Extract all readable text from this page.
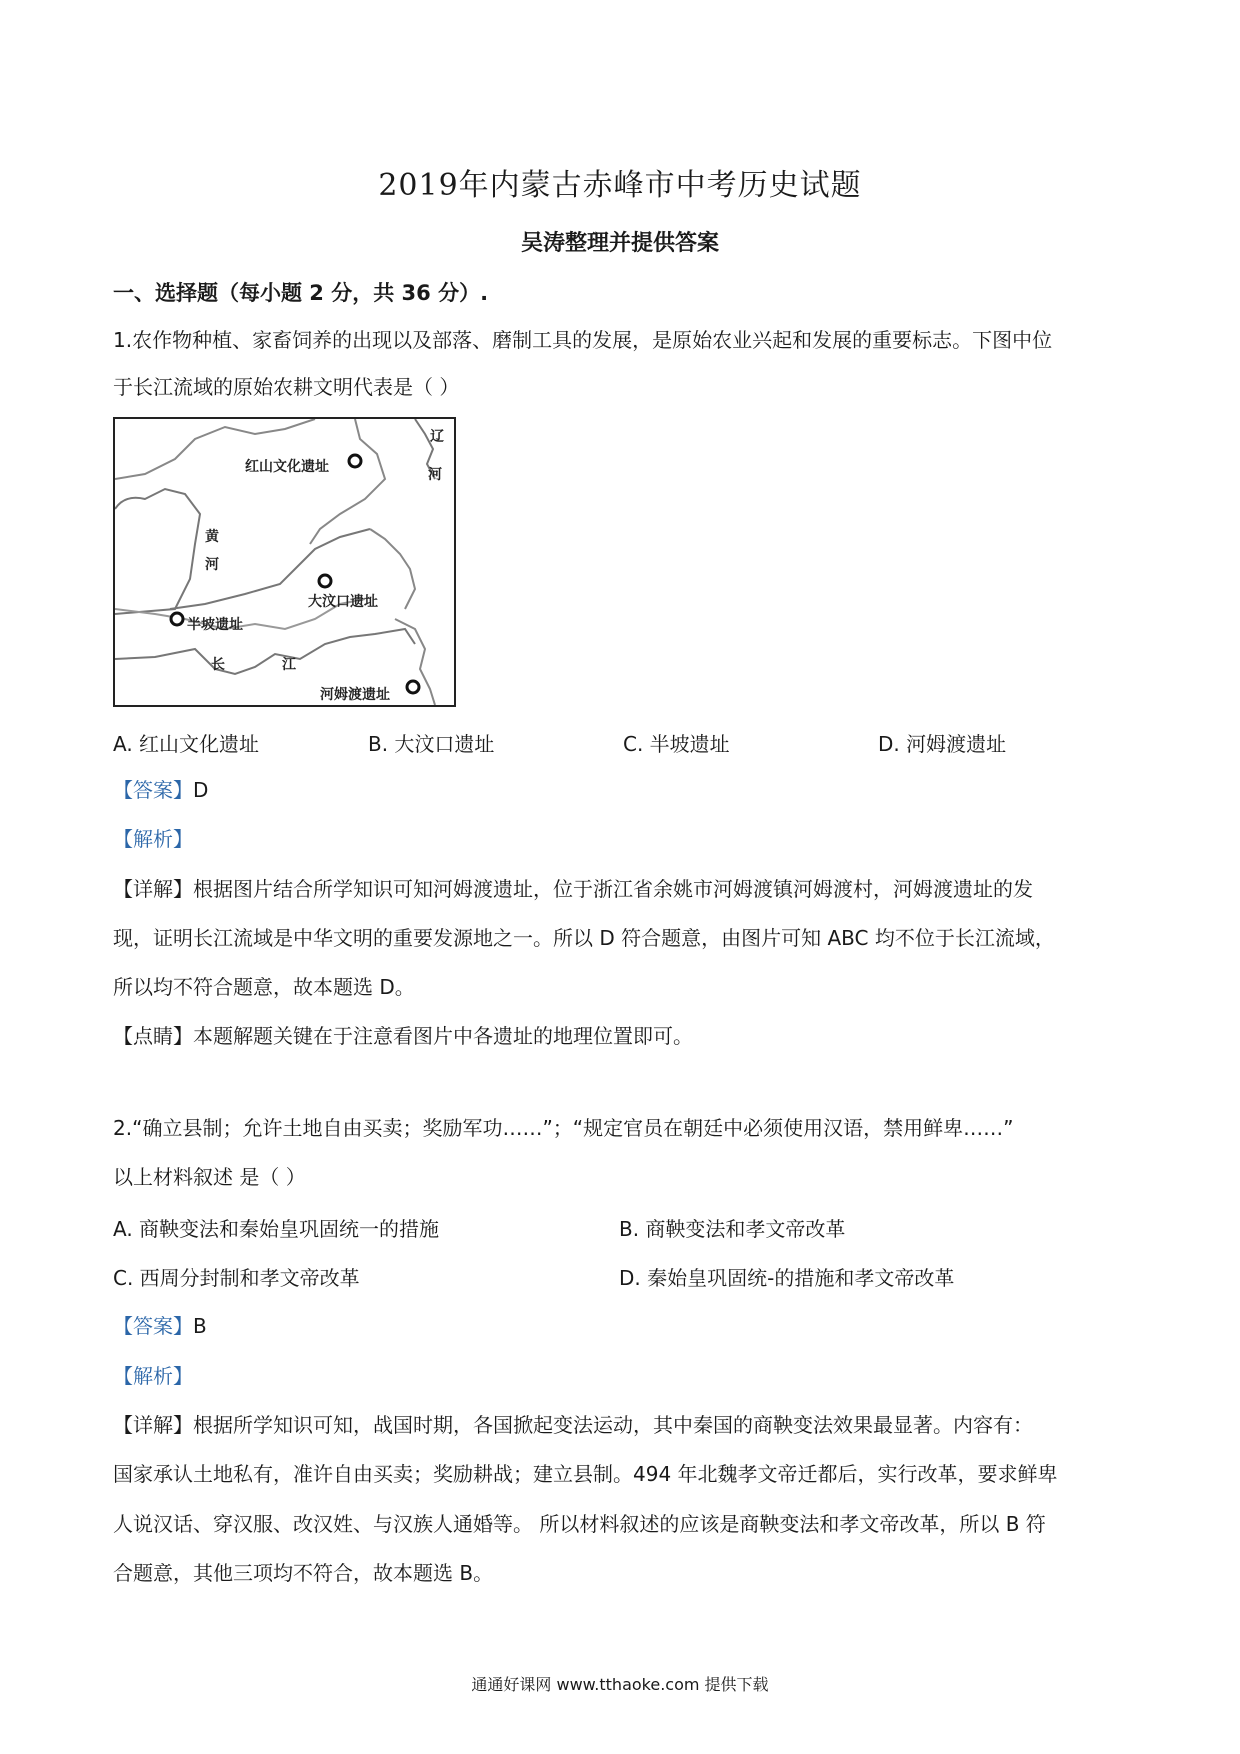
2019年内蒙古赤峰市中考历史试题
吴涛整理并提供答案
一、选择题（每小题 2 分，共 36 分）.
1.农作物种植、家畜饲养的出现以及部落、磨制工具的发展，是原始农业兴起和发展的重要标志。下图中位
于长江流域的原始农耕文明代表是（ ）
红山文化遗址
大汶口遗址
半坡遗址
河姆渡遗址
黄
河
辽
河
长	江
A. 红山文化遗址	B. 大汶口遗址	C. 半坡遗址	D. 河姆渡遗址
【答案】D
【解析】
【详解】根据图片结合所学知识可知河姆渡遗址，位于浙江省余姚市河姆渡镇河姆渡村，河姆渡遗址的发
现，证明长江流域是中华文明的重要发源地之一。所以 D 符合题意，由图片可知 ABC 均不位于长江流域，
所以均不符合题意，故本题选 D。
【点睛】本题解题关键在于注意看图片中各遗址的地理位置即可。
2.“确立县制；允许土地自由买卖；奖励军功……”；“规定官员在朝廷中必须使用汉语，禁用鲜卑……”
以上材料叙述 是（ ）
A. 商鞅变法和秦始皇巩固统一的措施	B. 商鞅变法和孝文帝改革
C. 西周分封制和孝文帝改革	D. 秦始皇巩固统-的措施和孝文帝改革
【答案】B
【解析】
【详解】根据所学知识可知，战国时期，各国掀起变法运动，其中秦国的商鞅变法效果最显著。内容有：
国家承认土地私有，准许自由买卖；奖励耕战；建立县制。494 年北魏孝文帝迁都后，实行改革，要求鲜卑
人说汉话、穿汉服、改汉姓、与汉族人通婚等。 所以材料叙述的应该是商鞅变法和孝文帝改革，所以 B 符
合题意，其他三项均不符合，故本题选 B。
通通好课网 www.tthaoke.com 提供下载
